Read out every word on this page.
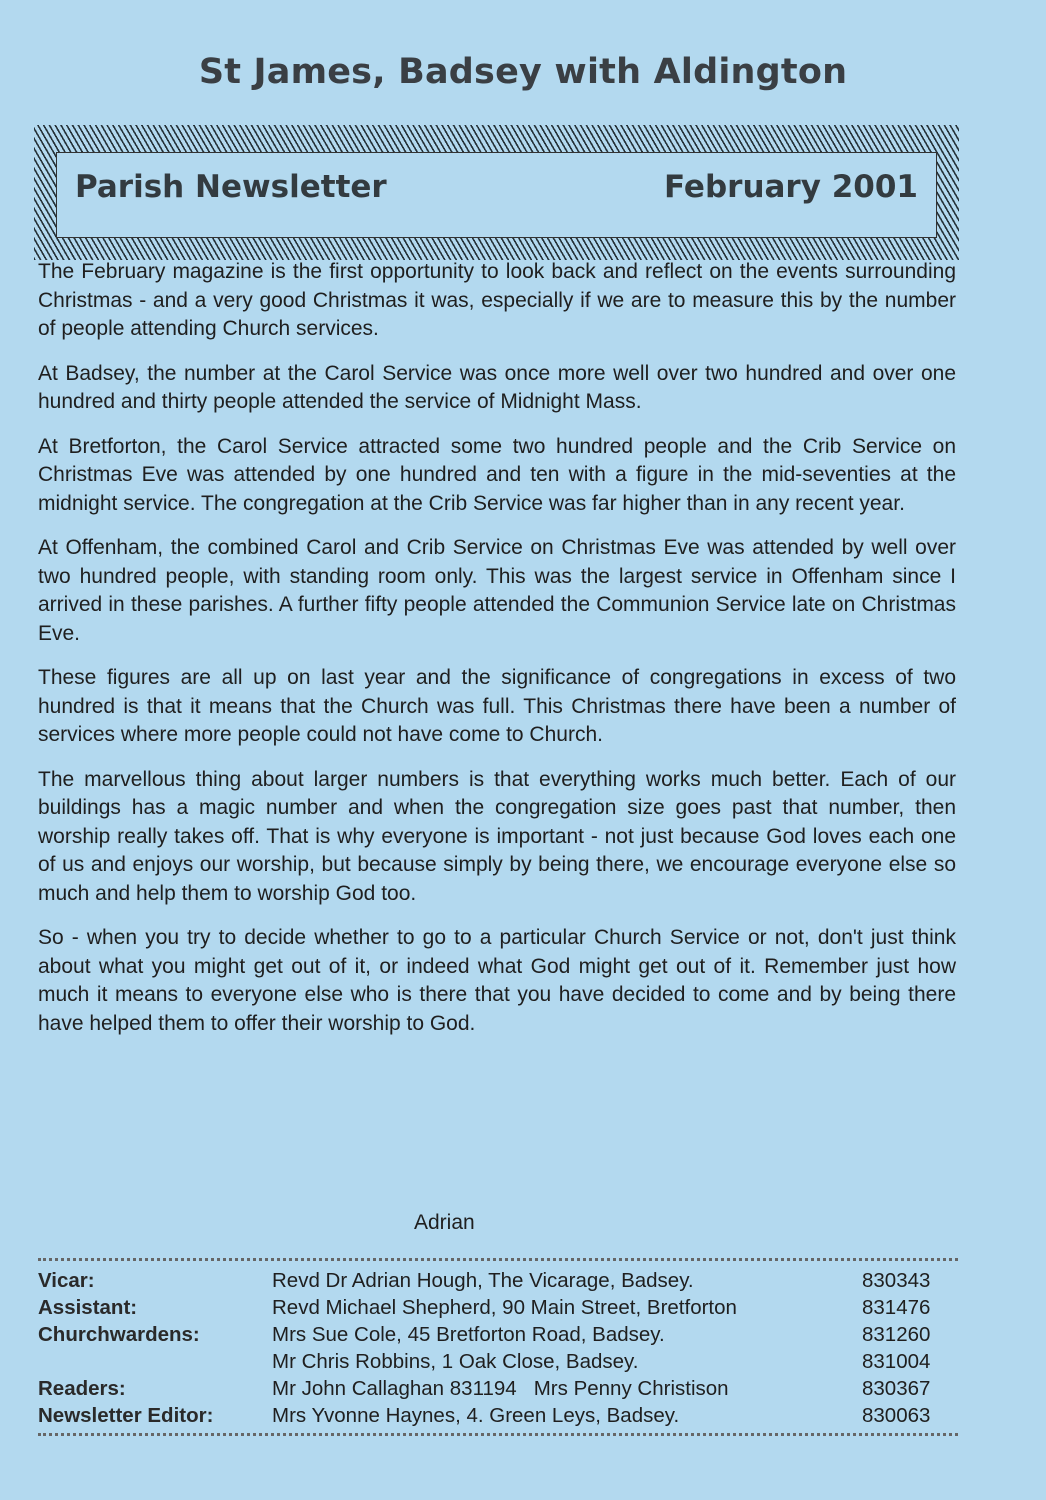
St James, Badsey with Aldington
Parish Newsletter	February 2001

The February magazine is the first opportunity to look back and reflect on the events surrounding Christmas - and a very good Christmas it was, especially if we are to measure this by the number of people attending Church services.

At Badsey, the number at the Carol Service was once more well over two hundred and over one hundred and thirty people attended the service of Midnight Mass.

At Bretforton, the Carol Service attracted some two hundred people and the Crib Service on Christmas Eve was attended by one hundred and ten with a figure in the mid-seventies at the midnight service. The congregation at the Crib Service was far higher than in any recent year.

At Offenham, the combined Carol and Crib Service on Christmas Eve was attended by well over two hundred people, with standing room only. This was the largest service in Offenham since I arrived in these parishes. A further fifty people attended the Communion Service late on Christmas Eve.

These figures are all up on last year and the significance of congregations in excess of two hundred is that it means that the Church was full. This Christmas there have been a number of services where more people could not have come to Church.

The marvellous thing about larger numbers is that everything works much better. Each of our buildings has a magic number and when the congregation size goes past that number, then worship really takes off. That is why everyone is important - not just because God loves each one of us and enjoys our worship, but because simply by being there, we encourage everyone else so much and help them to worship God too.

So - when you try to decide whether to go to a particular Church Service or not, don't just think about what you might get out of it, or indeed what God might get out of it. Remember just how much it means to everyone else who is there that you have decided to come and by being there have helped them to offer their worship to God.

Adrian
Vicar:	Revd Dr Adrian Hough, The Vicarage, Badsey.	830343
Assistant:	Revd Michael Shepherd, 90 Main Street, Bretforton	831476
Churchwardens:	Mrs Sue Cole, 45 Bretforton Road, Badsey.	831260
	Mr Chris Robbins, 1 Oak Close, Badsey.	831004
Readers:	Mr John Callaghan 831194   Mrs Penny Christison	830367
Newsletter Editor:	Mrs Yvonne Haynes, 4. Green Leys, Badsey.	830063
